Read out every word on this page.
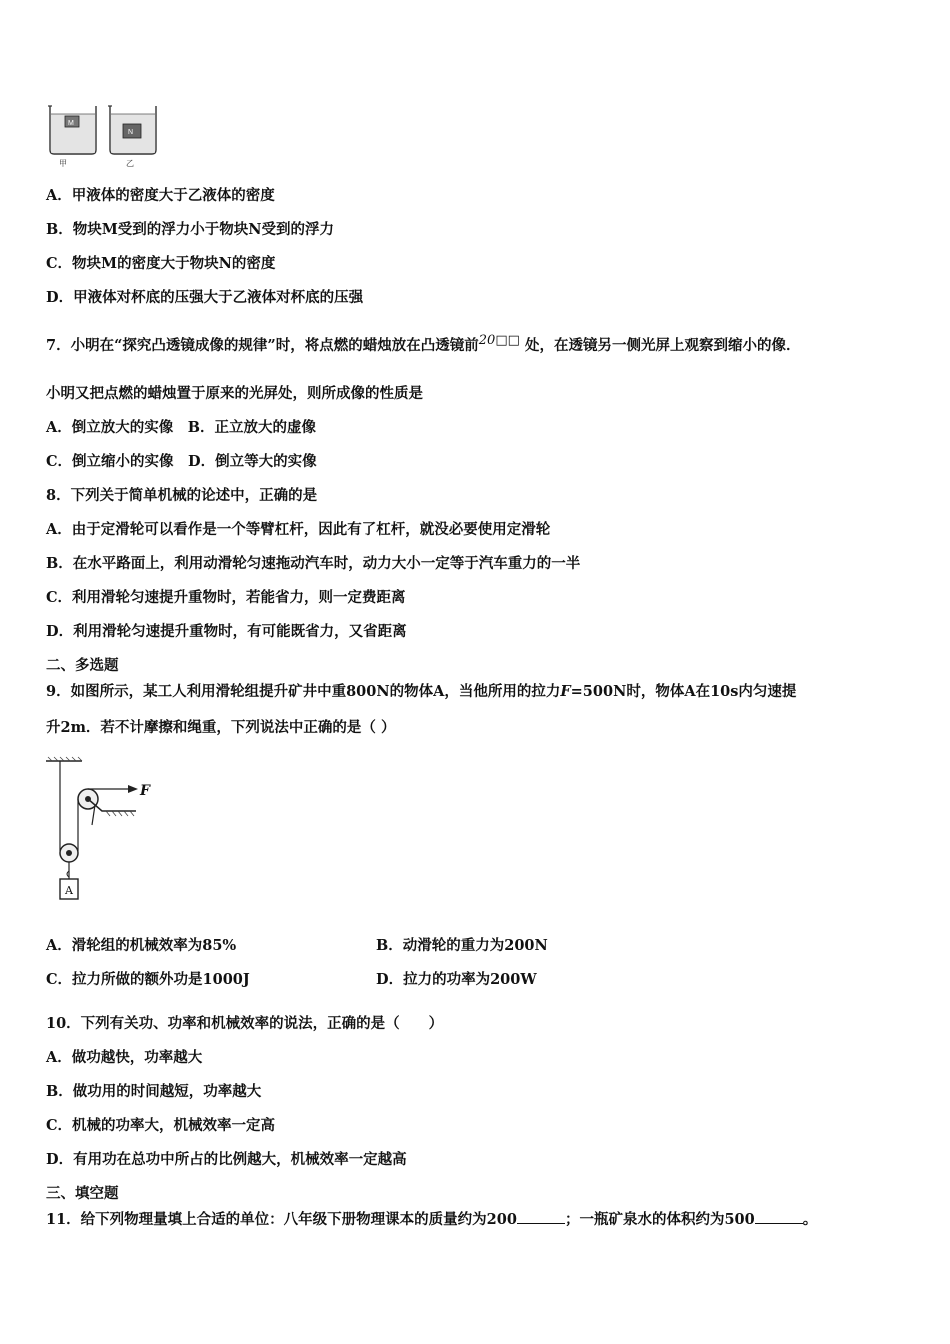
M
N
甲	乙
A．甲液体的密度大于乙液体的密度
B．物块M受到的浮力小于物块N受到的浮力
C．物块M的密度大于物块N的密度
D．甲液体对杯底的压强大于乙液体对杯底的压强
7．小明在“探究凸透镜成像的规律”时，将点燃的蜡烛放在凸透镜前20□□ 处，在透镜另一侧光屏上观察到缩小的像．
小明又把点燃的蜡烛置于原来的光屏处，则所成像的性质是
A．倒立放大的实像　B．正立放大的虚像
C．倒立缩小的实像　D．倒立等大的实像
8．下列关于简单机械的论述中，正确的是
A．由于定滑轮可以看作是一个等臂杠杆，因此有了杠杆，就没必要使用定滑轮
B．在水平路面上，利用动滑轮匀速拖动汽车时，动力大小一定等于汽车重力的一半
C．利用滑轮匀速提升重物时，若能省力，则一定费距离
D．利用滑轮匀速提升重物时，有可能既省力，又省距离
二、多选题
9．如图所示，某工人利用滑轮组提升矿井中重800N的物体A，当他所用的拉力F=500N时，物体A在10s内匀速提
升2m．若不计摩擦和绳重，下列说法中正确的是（ ）
F
A
A．滑轮组的机械效率为85%	B．动滑轮的重力为200N
C．拉力所做的额外功是1000J	D．拉力的功率为200W
10．下列有关功、功率和机械效率的说法，正确的是（　　）
A．做功越快，功率越大
B．做功用的时间越短，功率越大
C．机械的功率大，机械效率一定高
D．有用功在总功中所占的比例越大，机械效率一定越高
三、填空题
11．给下列物理量填上合适的单位：八年级下册物理课本的质量约为200	；一瓶矿泉水的体积约为500	。
